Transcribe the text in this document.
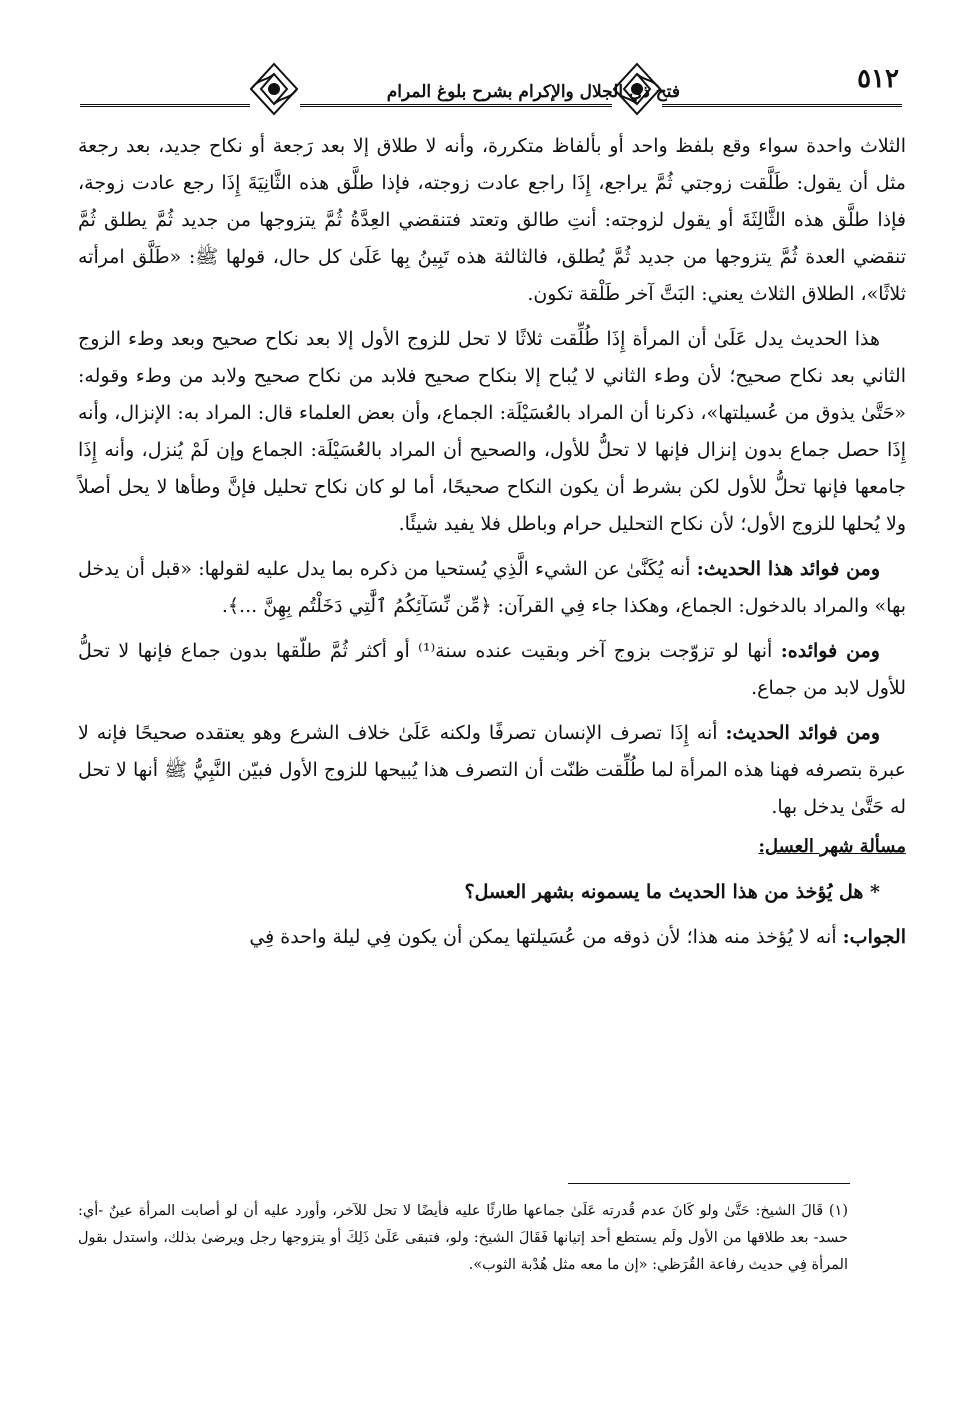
٥١٢
فتح ذي الجلال والإكرام بشرح بلوغ المرام

الثلاث واحدة سواء وقع بلفظ واحد أو بألفاظ متكررة، وأنه لا طلاق إلا بعد رَجعة أو نكاح جديد، بعد رجعة مثل أن يقول: طَلَّقت زوجتي ثُمَّ يراجع، إِذَا راجع عادت زوجته، فإذا طلَّق هذه الثَّانِيَةَ إِذَا رجع عادت زوجة، فإذا طلَّق هذه الثَّالِثَةَ أو يقول لزوجته: أنتِ طالق وتعتد فتنقضي العِدَّةُ ثُمَّ يتزوجها من جديد ثُمَّ يطلق ثُمَّ تنقضي العدة ثُمَّ يتزوجها من جديد ثُمَّ يُطلق، فالثالثة هذه تَبِينُ بِها عَلَىٰ كل حال، قولها ﷺ: «طَلَّق امرأته ثلاثًا»، الطلاق الثلاث يعني: البَتَّ آخر طَلْقة تكون.

هذا الحديث يدل عَلَىٰ أن المرأة إِذَا طُلِّقت ثلاثًا لا تحل للزوج الأول إلا بعد نكاح صحيح وبعد وطء الزوج الثاني بعد نكاح صحيح؛ لأن وطء الثاني لا يُباح إلا بنكاح صحيح فلابد من نكاح صحيح ولابد من وطء وقوله: «حَتَّىٰ يذوق من عُسيلتها»، ذكرنا أن المراد بالعُسَيْلَة: الجماع، وأن بعض العلماء قال: المراد به: الإنزال، وأنه إِذَا حصل جماع بدون إنزال فإنها لا تحلُّ للأول، والصحيح أن المراد بالعُسَيْلَة: الجماع وإن لَمْ يُنزل، وأنه إِذَا جامعها فإنها تحلُّ للأول لكن بشرط أن يكون النكاح صحيحًا، أما لو كان نكاح تحليل فإنَّ وطأها لا يحل أصلاً ولا يُحلها للزوج الأول؛ لأن نكاح التحليل حرام وباطل فلا يفيد شيئًا.

ومن فوائد هذا الحديث: أنه يُكَنَّىٰ عن الشيء الَّذِي يُستحيا من ذكره بما يدل عليه لقولها: «قبل أن يدخل بها» والمراد بالدخول: الجماع، وهكذا جاء فِي القرآن: ﴿مِّن نِّسَآئِكُمُ ٱلَّٰتِي دَخَلْتُم بِهِنَّ ...﴾.

ومن فوائده: أنها لو تزوّجت بزوج آخر وبقيت عنده سنة⁽¹⁾ أو أكثر ثُمَّ طلّقها بدون جماع فإنها لا تحلُّ للأول لابد من جماع.

ومن فوائد الحديث: أنه إِذَا تصرف الإنسان تصرفًا ولكنه عَلَىٰ خلاف الشرع وهو يعتقده صحيحًا فإنه لا عبرة بتصرفه فهنا هذه المرأة لما طُلِّقت ظنّت أن التصرف هذا يُبيحها للزوج الأول فبيّن النَّبِيُّ ﷺ أنها لا تحل له حَتَّىٰ يدخل بها.

مسألة شهر العسل:

* هل يُؤخذ من هذا الحديث ما يسمونه بشهر العسل؟

الجواب: أنه لا يُؤخذ منه هذا؛ لأن ذوقه من عُسَيلتها يمكن أن يكون فِي ليلة واحدة فِي

(١) قَالَ الشيخ: حَتَّىٰ ولو كَانَ عدم قُدرته عَلَىٰ جماعها طارئًا عليه فأيضًا لا تحل للآخر، وأورد عليه أن لو أصابت المرأة عينٌ -أي: حسد- بعد طلاقها من الأول ولَم يستطع أحد إتيانها فَقَالَ الشيخ: ولو، فتبقى عَلَىٰ ذَلِكَ أو يتزوجها رجل ويرضىٰ بذلك، واستدل بقول المرأة فِي حديث رفاعة القُرَظي: «إن ما معه مثل هُدْبة الثوب».
